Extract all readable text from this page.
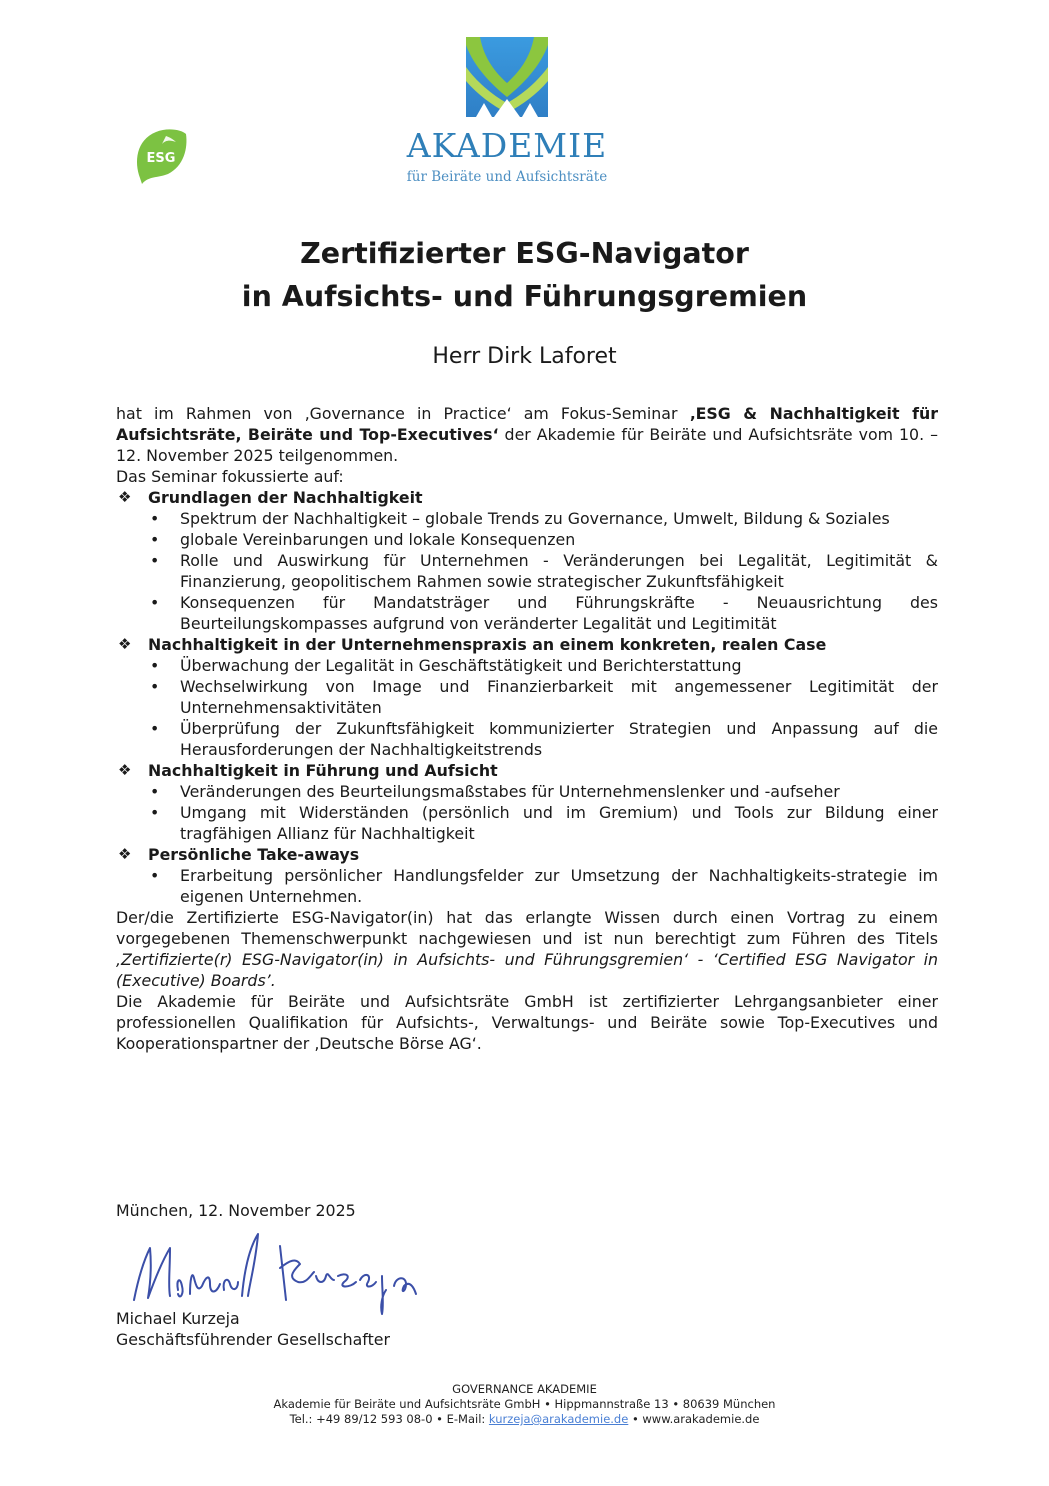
ESG	AKADEMIE
für Beiräte und Aufsichtsräte
Zertifizierter ESG-Navigator
in Aufsichts- und Führungsgremien
Herr Dirk Laforet

hat im Rahmen von ‚Governance in Practice‘ am Fokus-Seminar ‚ESG & Nachhaltigkeit für Aufsichtsräte, Beiräte und Top-Executives‘ der Akademie für Beiräte und Aufsichtsräte vom 10. – 12. November 2025 teilgenommen.

Das Seminar fokussierte auf:

❖ Grundlagen der Nachhaltigkeit
• Spektrum der Nachhaltigkeit – globale Trends zu Governance, Umwelt, Bildung & Soziales
• globale Vereinbarungen und lokale Konsequenzen
• Rolle und Auswirkung für Unternehmen - Veränderungen bei Legalität, Legitimität & Finanzierung, geopolitischem Rahmen sowie strategischer Zukunftsfähigkeit
• Konsequenzen für Mandatsträger und Führungskräfte - Neuausrichtung des Beurteilungskompasses aufgrund von veränderter Legalität und Legitimität
❖ Nachhaltigkeit in der Unternehmenspraxis an einem konkreten, realen Case
• Überwachung der Legalität in Geschäftstätigkeit und Berichterstattung
• Wechselwirkung von Image und Finanzierbarkeit mit angemessener Legitimität der Unternehmensaktivitäten
• Überprüfung der Zukunftsfähigkeit kommunizierter Strategien und Anpassung auf die Herausforderungen der Nachhaltigkeitstrends
❖ Nachhaltigkeit in Führung und Aufsicht
• Veränderungen des Beurteilungsmaßstabes für Unternehmenslenker und -aufseher
• Umgang mit Widerständen (persönlich und im Gremium) und Tools zur Bildung einer tragfähigen Allianz für Nachhaltigkeit
❖ Persönliche Take-aways
• Erarbeitung persönlicher Handlungsfelder zur Umsetzung der Nachhaltigkeits-strategie im eigenen Unternehmen.

Der/die Zertifizierte ESG-Navigator(in) hat das erlangte Wissen durch einen Vortrag zu einem vorgegebenen Themenschwerpunkt nachgewiesen und ist nun berechtigt zum Führen des Titels ‚Zertifizierte(r) ESG-Navigator(in) in Aufsichts- und Führungsgremien‘ - ‘Certified ESG Navigator in (Executive) Boards’.

Die Akademie für Beiräte und Aufsichtsräte GmbH ist zertifizierter Lehrgangsanbieter einer professionellen Qualifikation für Aufsichts-, Verwaltungs- und Beiräte sowie Top-Executives und Kooperationspartner der ‚Deutsche Börse AG‘.

München, 12. November 2025
Michael Kurzeja
Geschäftsführender Gesellschafter
GOVERNANCE AKADEMIE
Akademie für Beiräte und Aufsichtsräte GmbH • Hippmannstraße 13 • 80639 München
Tel.: +49 89/12 593 08-0 • E-Mail: kurzeja@arakademie.de • www.arakademie.de
